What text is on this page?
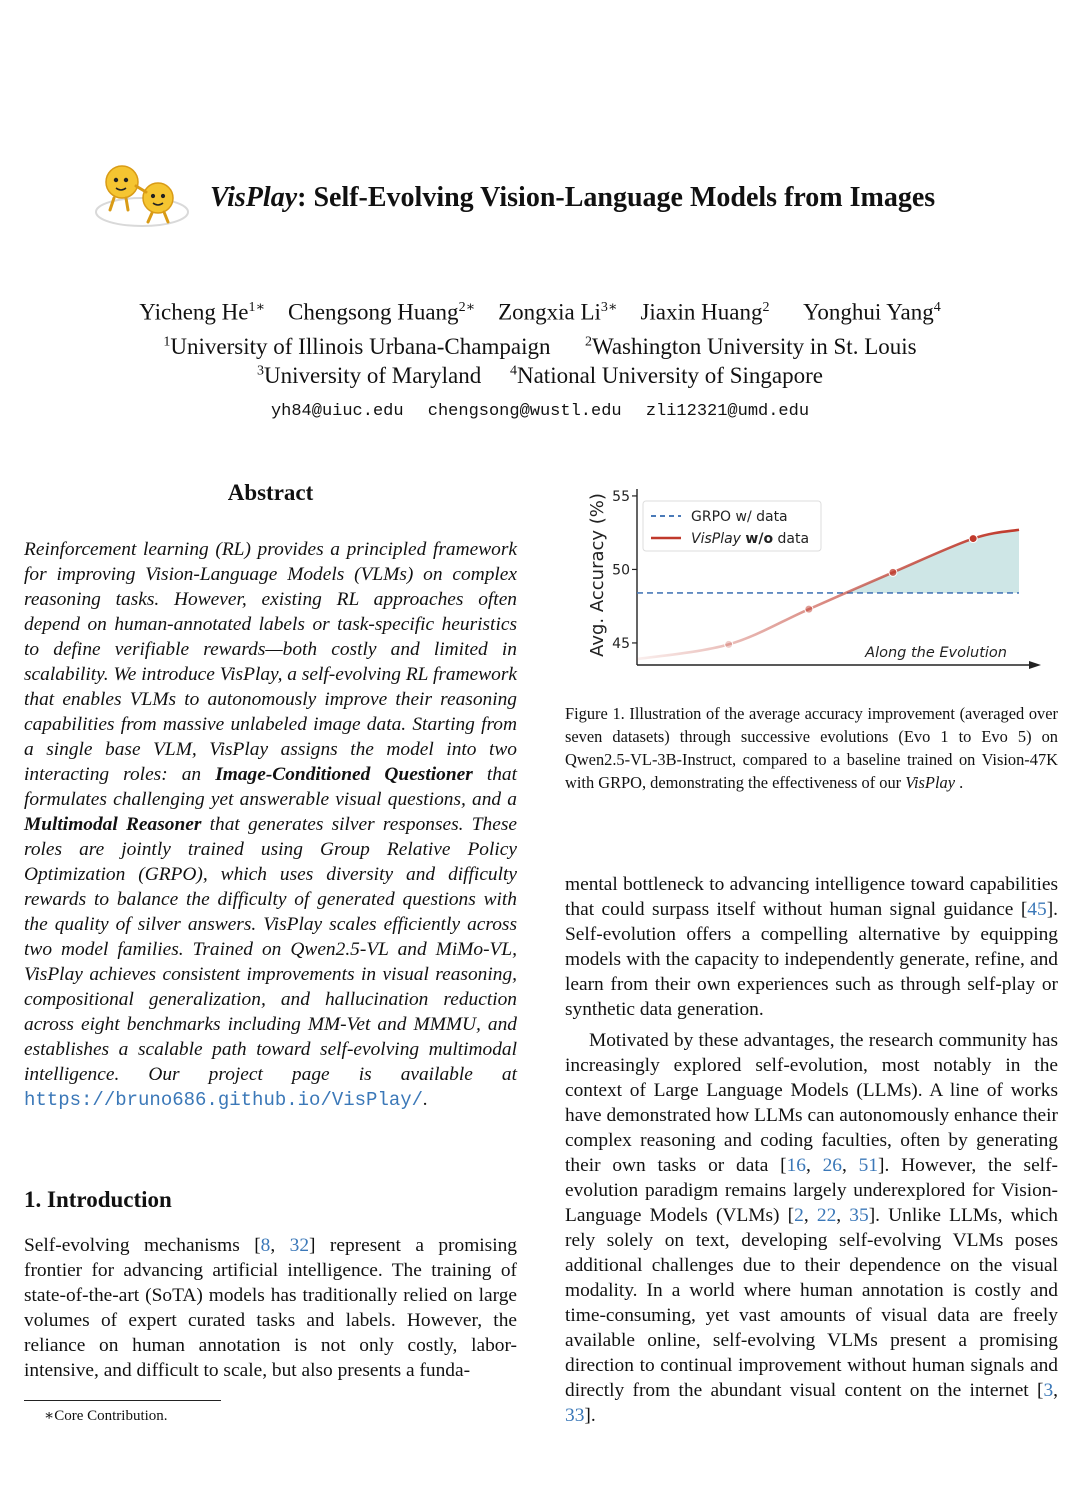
VisPlay: Self-Evolving Vision-Language Models from Images
Yicheng $He^{1∗}$ Chengsong Huang$^{2∗}$ Zongxia $Li^{3∗}$ Jiaxin Huang$^2$ Yonghui Yang$^4$
$^1$University of Illinois Urbana-Champaign $^2$Washington University in St. Louis
$^3$University of Maryland $^4$National University of Singapore
yh84@uiuc.edu chengsong@wustl.edu zli12321@umd.edu
Abstract
Reinforcement learning (RL) provides a principled framework for improving Vision-Language Models (VLMs) on complex reasoning tasks. However, existing RL approaches often depend on human-annotated labels or task-specific heuristics to define verifiable rewards—both costly and limited in scalability. We introduce VisPlay, a self-evolving RL framework that enables VLMs to autonomously improve their reasoning capabilities from massive unlabeled image data. Starting from a single base VLM, VisPlay assigns the model into two interacting roles: an Image-Conditioned Questioner that formulates challenging yet answerable visual questions, and a Multimodal Reasoner that generates silver responses. These roles are jointly trained using Group Relative Policy Optimization (GRPO), which uses diversity and difficulty rewards to balance the difficulty of generated questions with the quality of silver answers. VisPlay scales efficiently across two model families. Trained on Qwen2.5-VL and MiMo-VL, VisPlay achieves consistent improvements in visual reasoning, compositional generalization, and hallucination reduction across eight benchmarks including MM-Vet and MMMU, and establishes a scalable path toward self-evolving multimodal intelligence. Our project page is available at https://bruno686.github.io/VisPlay/.
1. Introduction
Self-evolving mechanisms [8, 32] represent a promising frontier for advancing artificial intelligence. The training of state-of-the-art (SoTA) models has traditionally relied on large volumes of expert curated tasks and labels. However, the reliance on human annotation is not only costly, labor-intensive, and difficult to scale, but also presents a funda-
∗Core Contribution.
45
50
55
Avg. Accuracy (%)	Along the Evolution
GRPO w/ data
VisPlay w/o data
Figure 1. Illustration of the average accuracy improvement (averaged over seven datasets) through successive evolutions (Evo 1 to Evo 5) on Qwen2.5-VL-3B-Instruct, compared to a baseline trained on Vision-47K with GRPO, demonstrating the effectiveness of our VisPlay .
mental bottleneck to advancing intelligence toward capabilities that could surpass itself without human signal guidance [45]. Self-evolution offers a compelling alternative by equipping models with the capacity to independently generate, refine, and learn from their own experiences such as through self-play or synthetic data generation.
Motivated by these advantages, the research community has increasingly explored self-evolution, most notably in the context of Large Language Models (LLMs). A line of works have demonstrated how LLMs can autonomously enhance their complex reasoning and coding faculties, often by generating their own tasks or data [16, 26, 51]. However, the self-evolution paradigm remains largely underexplored for Vision-Language Models (VLMs) [2, 22, 35]. Unlike LLMs, which rely solely on text, developing self-evolving VLMs poses additional challenges due to their dependence on the visual modality. In a world where human annotation is costly and time-consuming, yet vast amounts of visual data are freely available online, self-evolving VLMs present a promising direction to continual improvement without human signals and directly from the abundant visual content on the internet [3, 33].
